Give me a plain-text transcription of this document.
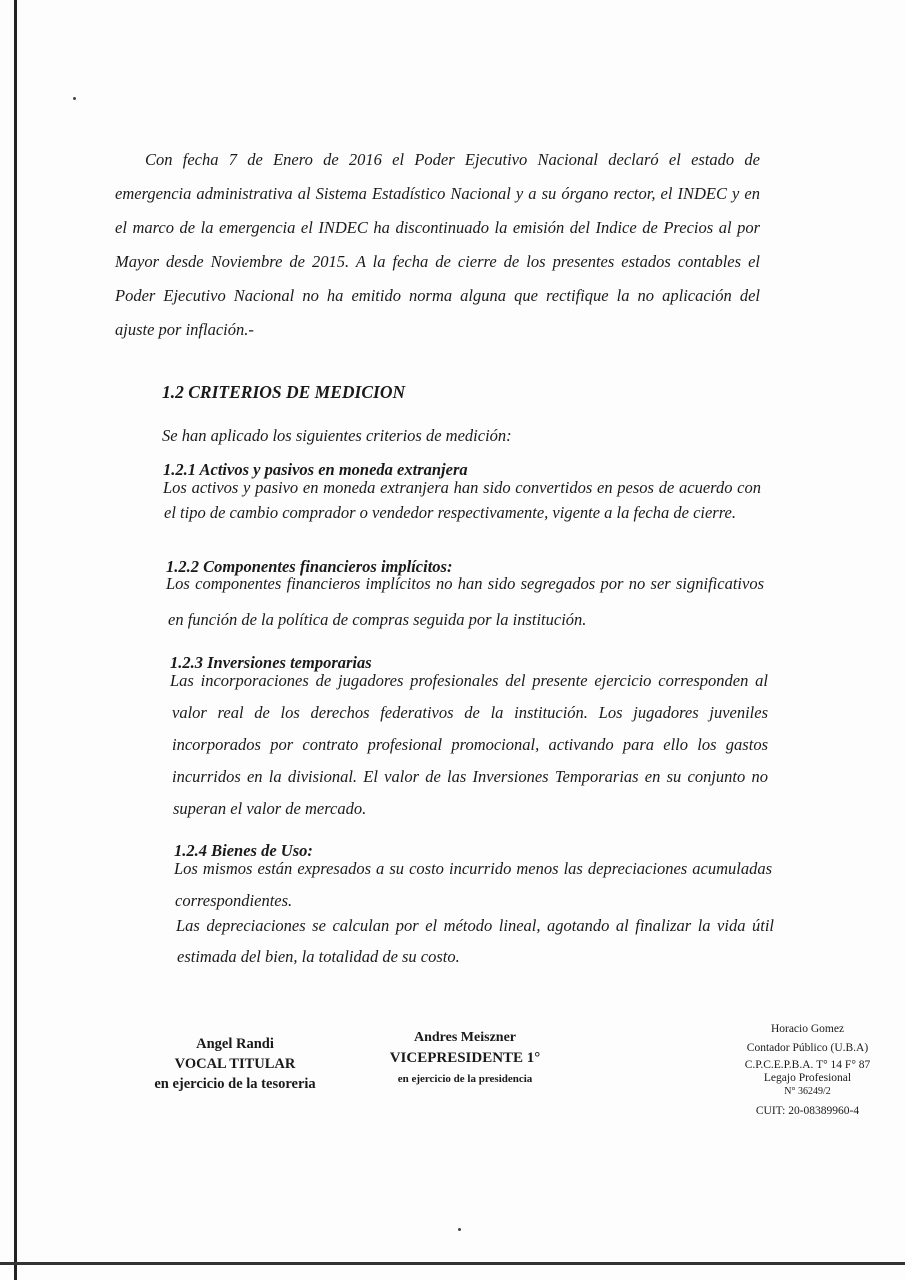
Con fecha 7 de Enero de 2016 el Poder Ejecutivo Nacional declaró el estado de
emergencia administrativa al Sistema Estadístico Nacional y a su órgano rector, el INDEC y en
el marco de la emergencia el INDEC ha discontinuado la emisión del Indice de Precios al por
Mayor desde Noviembre de 2015. A la fecha de cierre de los presentes estados contables el
Poder Ejecutivo Nacional no ha emitido norma alguna que rectifique la no aplicación del
ajuste por inflación.-
1.2 CRITERIOS DE MEDICION
Se han aplicado los siguientes criterios de medición:
1.2.1 Activos y pasivos en moneda extranjera
Los activos y pasivo en moneda extranjera han sido convertidos en pesos de acuerdo con
el tipo de cambio comprador o vendedor respectivamente, vigente a la fecha de cierre.
1.2.2 Componentes financieros implícitos:
Los componentes financieros implícitos no han sido segregados por no ser significativos
en función de la política de compras seguida por la institución.
1.2.3 Inversiones temporarias
Las incorporaciones de jugadores profesionales del presente ejercicio corresponden al
valor real de los derechos federativos de la institución. Los jugadores juveniles
incorporados por contrato profesional promocional, activando para ello los gastos
incurridos en la divisional. El valor de las Inversiones Temporarias en su conjunto no
superan el valor de mercado.
1.2.4 Bienes de Uso:
Los mismos están expresados a su costo incurrido menos las depreciaciones acumuladas
correspondientes.
Las depreciaciones se calculan por el método lineal, agotando al finalizar la vida útil
estimada del bien, la totalidad de su costo.
Angel Randi
VOCAL TITULAR
en ejercicio de la tesoreria
Andres Meiszner
VICEPRESIDENTE 1°
en ejercicio de la presidencia
Horacio Gomez
Contador Público (U.B.A)
C.P.C.E.P.B.A. T° 14 F° 87
Legajo Profesional
N° 36249/2
CUIT: 20-08389960-4
